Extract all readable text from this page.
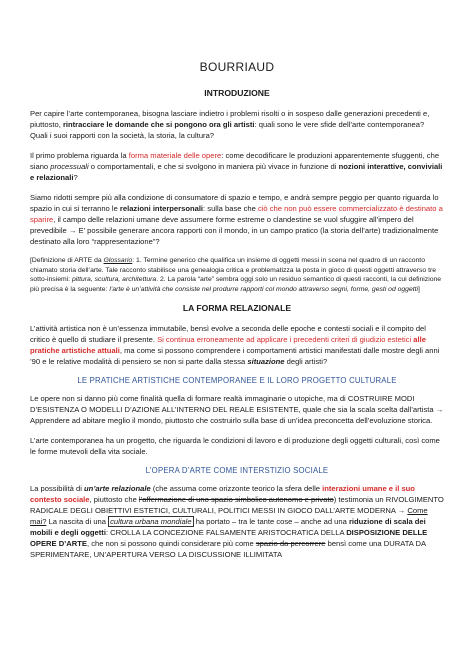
BOURRIAUD
INTRODUZIONE

Per capire l’arte contemporanea, bisogna lasciare indietro i problemi risolti o in sospeso dalle generazioni precedenti e, piuttosto, rintracciare le domande che si pongono ora gli artisti: quali sono le vere sfide dell’arte contemporanea? Quali i suoi rapporti con la società, la storia, la cultura?

Il primo problema riguarda la forma materiale delle opere: come decodificare le produzioni apparentemente sfuggenti, che siano processuali o comportamentali, e che si svolgono in maniera più vivace in funzione di nozioni interattive, conviviali e relazionali?

Siamo ridotti sempre più alla condizione di consumatore di spazio e tempo, e andrà sempre peggio per quanto riguarda lo spazio in cui si terranno le relazioni interpersonali: sulla base che ciò che non può essere commercializzato è destinato a sparire, il campo delle relazioni umane deve assumere forme estreme o clandestine se vuol sfuggire all’impero del prevedibile → E’ possibile generare ancora rapporti con il mondo, in un campo pratico (la storia dell’arte) tradizionalmente destinato alla loro “rappresentazione”?

[Definizione di ARTE da Glossario: 1. Termine generico che qualifica un insieme di oggetti messi in scena nel quadro di un racconto chiamato storia dell’arte. Tale racconto stabilisce una genealogia critica e problematizza la posta in gioco di questi oggetti attraverso tre sotto-insiemi: pittura, scultura, architettura. 2. La parola “arte” sembra oggi solo un residuo semantico di questi racconti, la cui definizione più precisa è la seguente: l’arte è un’attività che consiste nel produrre rapporti col mondo attraverso segni, forme, gesti od oggetti]

LA FORMA RELAZIONALE

L’attività artistica non è un’essenza immutabile, bensì evolve a seconda delle epoche e contesti sociali e il compito del critico è quello di studiare il presente. Si continua erroneamente ad applicare i precedenti criteri di giudizio estetici alle pratiche artistiche attuali, ma come si possono comprendere i comportamenti artistici manifestati dalle mostre degli anni ’90 e le relative modalità di pensiero se non si parte dalla stessa situazione degli artisti?

LE PRATICHE ARTISTICHE CONTEMPORANEE E IL LORO PROGETTO CULTURALE

Le opere non si danno più come finalità quella di formare realtà immaginarie o utopiche, ma di COSTRUIRE MODI D’ESISTENZA O MODELLI D’AZIONE ALL’INTERNO DEL REALE ESISTENTE, quale che sia la scala scelta dall’artista → Apprendere ad abitare meglio il mondo, piuttosto che costruirlo sulla base di un’idea preconcetta dell’evoluzione storica.

L’arte contemporanea ha un progetto, che riguarda le condizioni di lavoro e di produzione degli oggetti culturali, così come le forme mutevoli della vita sociale.

L’OPERA D’ARTE COME INTERSTIZIO SOCIALE

La possibilità di un’arte relazionale (che assuma come orizzonte teorico la sfera delle interazioni umane e il suo contesto sociale, piuttosto che l’affermazione di uno spazio simbolico autonomo e privato) testimonia un RIVOLGIMENTO RADICALE DEGLI OBIETTIVI ESTETICI, CULTURALI, POLITICI MESSI IN GIOCO DALL’ARTE MODERNA → Come mai? La nascita di una cultura urbana mondiale ha portato – tra le tante cose – anche ad una riduzione di scala dei mobili e degli oggetti: CROLLA LA CONCEZIONE FALSAMENTE ARISTOCRATICA DELLA DISPOSIZIONE DELLE OPERE D’ARTE, che non si possono quindi considerare più come spazio da percorrere bensì come una DURATA DA SPERIMENTARE, UN’APERTURA VERSO LA DISCUSSIONE ILLIMITATA
